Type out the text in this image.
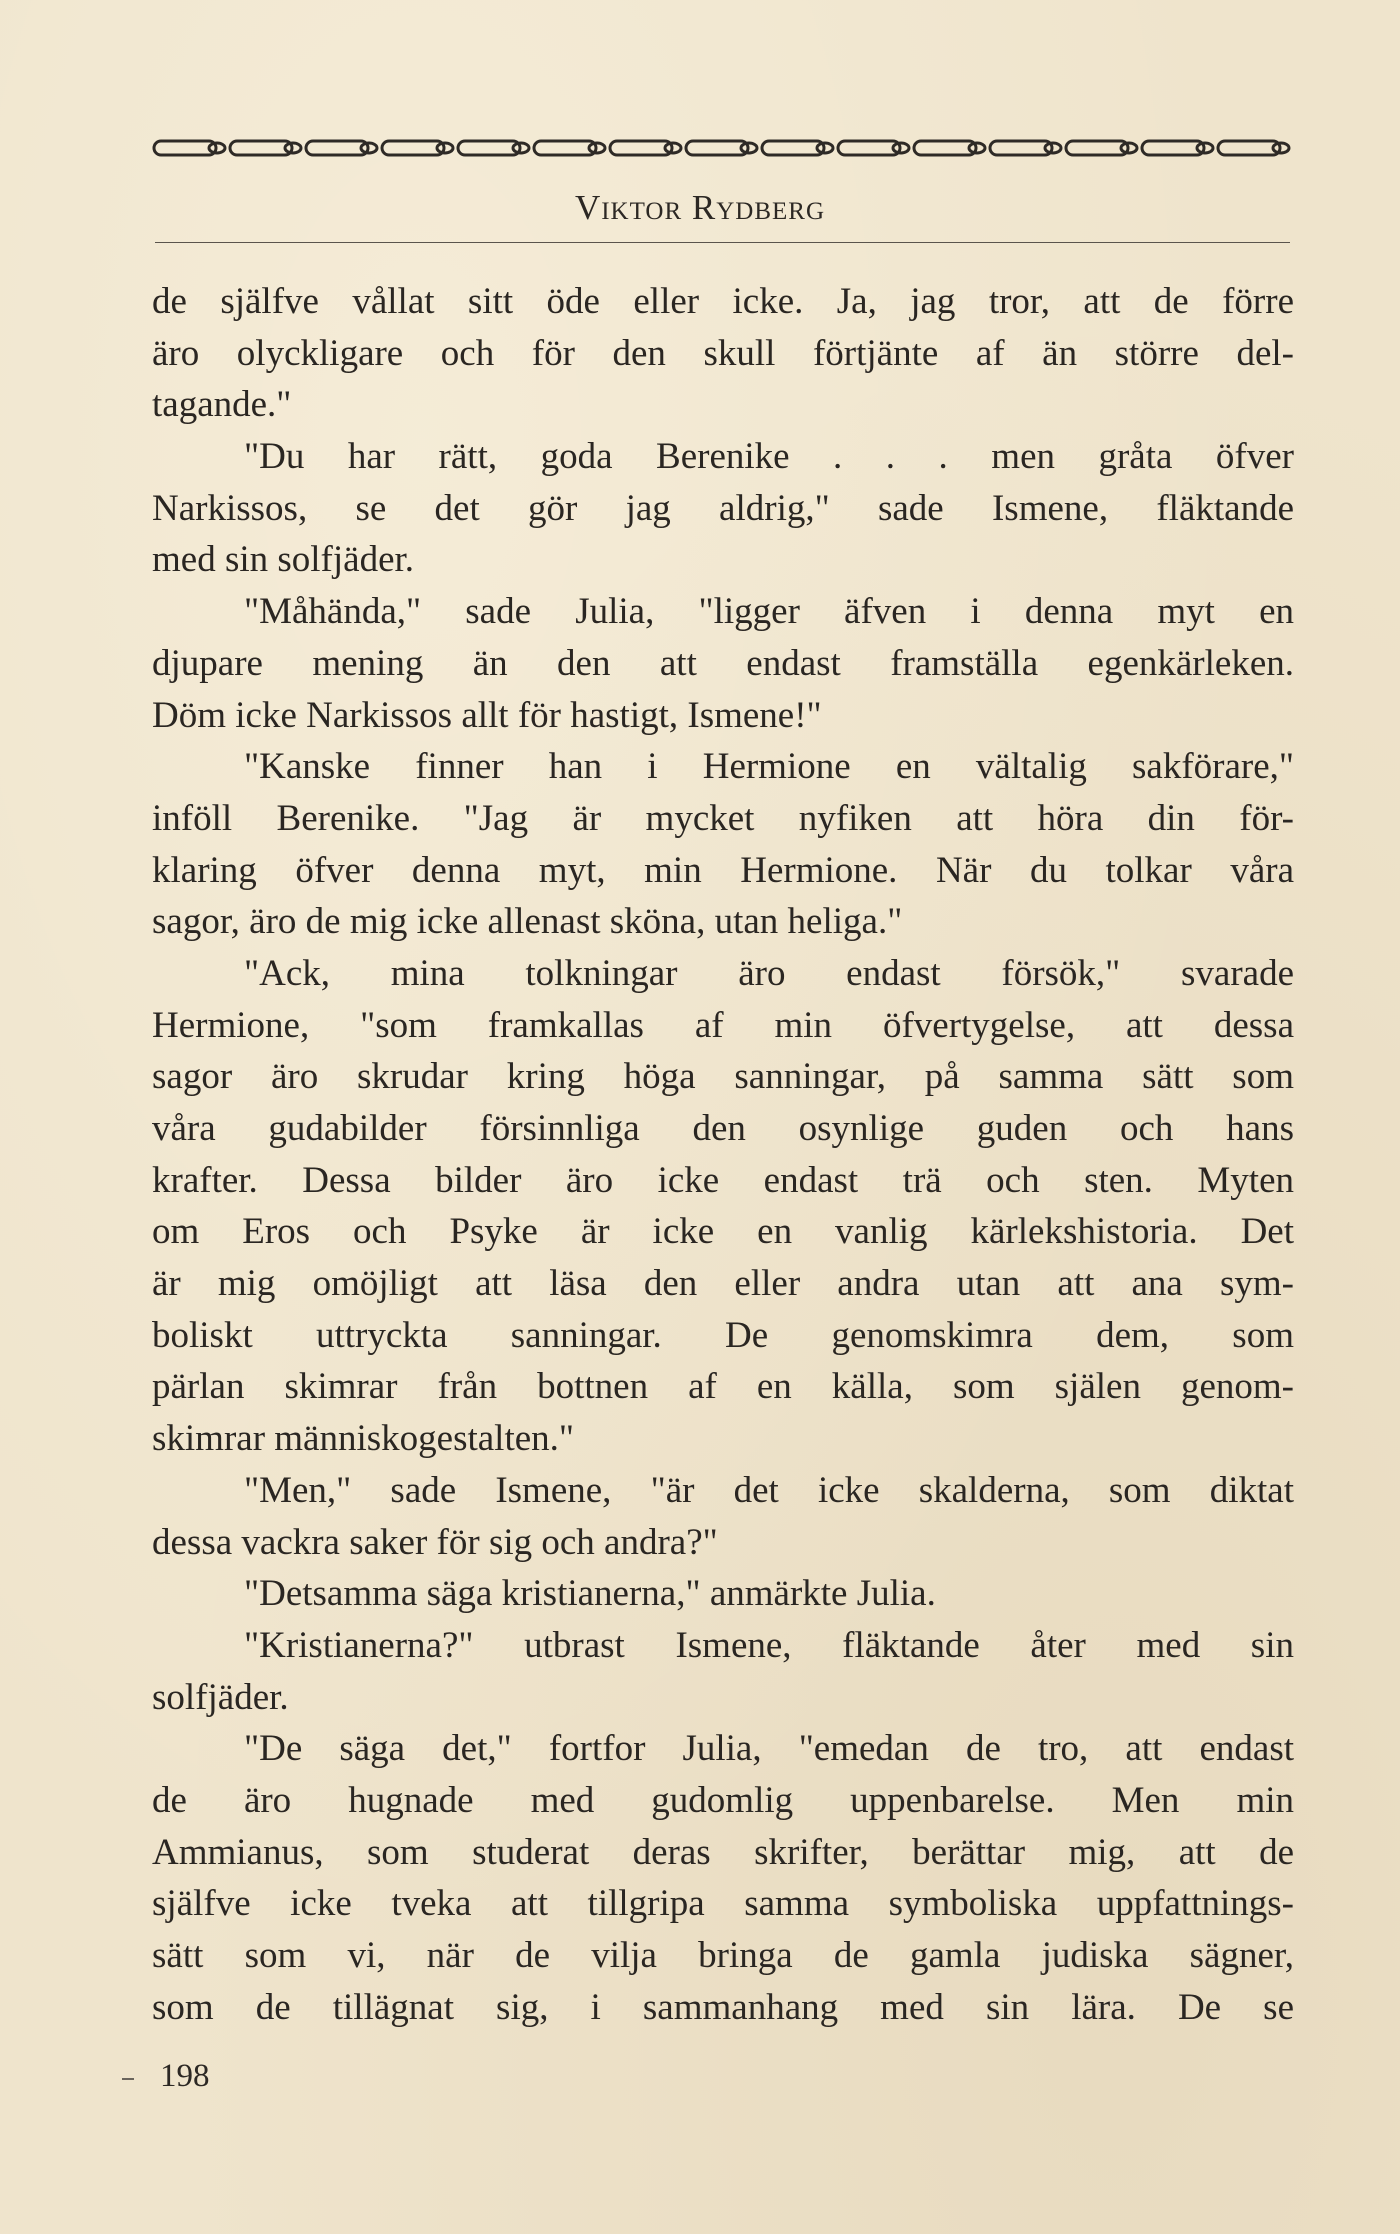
Viktor Rydberg
de själfve vållat sitt öde eller icke. Ja, jag tror, att de förre
äro olyckligare och för den skull förtjänte af än större del-
tagande."
"Du har rätt, goda Berenike . . . men gråta öfver
Narkissos, se det gör jag aldrig," sade Ismene, fläktande
med sin solfjäder.
"Måhända," sade Julia, "ligger äfven i denna myt en
djupare mening än den att endast framställa egenkärleken.
Döm icke Narkissos allt för hastigt, Ismene!"
"Kanske finner han i Hermione en vältalig sakförare,"
inföll Berenike. "Jag är mycket nyfiken att höra din för-
klaring öfver denna myt, min Hermione. När du tolkar våra
sagor, äro de mig icke allenast sköna, utan heliga."
"Ack, mina tolkningar äro endast försök," svarade
Hermione, "som framkallas af min öfvertygelse, att dessa
sagor äro skrudar kring höga sanningar, på samma sätt som
våra gudabilder försinnliga den osynlige guden och hans
krafter. Dessa bilder äro icke endast trä och sten. Myten
om Eros och Psyke är icke en vanlig kärlekshistoria. Det
är mig omöjligt att läsa den eller andra utan att ana sym-
boliskt uttryckta sanningar. De genomskimra dem, som
pärlan skimrar från bottnen af en källa, som själen genom-
skimrar människogestalten."
"Men," sade Ismene, "är det icke skalderna, som diktat
dessa vackra saker för sig och andra?"
"Detsamma säga kristianerna," anmärkte Julia.
"Kristianerna?" utbrast Ismene, fläktande åter med sin
solfjäder.
"De säga det," fortfor Julia, "emedan de tro, att endast
de äro hugnade med gudomlig uppenbarelse. Men min
Ammianus, som studerat deras skrifter, berättar mig, att de
själfve icke tveka att tillgripa samma symboliska uppfattnings-
sätt som vi, när de vilja bringa de gamla judiska sägner,
som de tillägnat sig, i sammanhang med sin lära. De se
198
